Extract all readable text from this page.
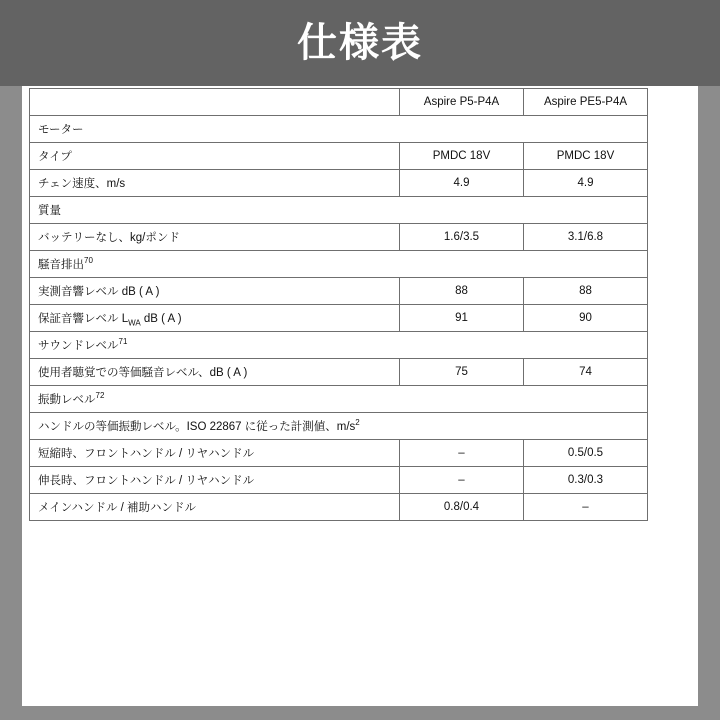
仕様表
	Aspire P5-P4A	Aspire PE5-P4A
モーター		
タイプ	PMDC 18V	PMDC 18V
チェン速度、m/s	4.9	4.9
質量		
バッテリーなし、kg/ポンド	1.6/3.5	3.1/6.8
騒音排出$^{70}$
実測音響レベル dB ( A )	88	88
保証音響レベル $L_{WA}$ dB ( A )	91	90
サウンドレベル$^{71}$
使用者聴覚での等価騒音レベル、dB ( A )	75	74
振動レベル$^{72}$
ハンドルの等価振動レベル。ISO 22867 に従った計測値、$m/s^2$
短縮時、フロントハンドル / リヤハンドル	–	0.5/0.5
伸長時、フロントハンドル / リヤハンドル	–	0.3/0.3
メインハンドル / 補助ハンドル	0.8/0.4	–
